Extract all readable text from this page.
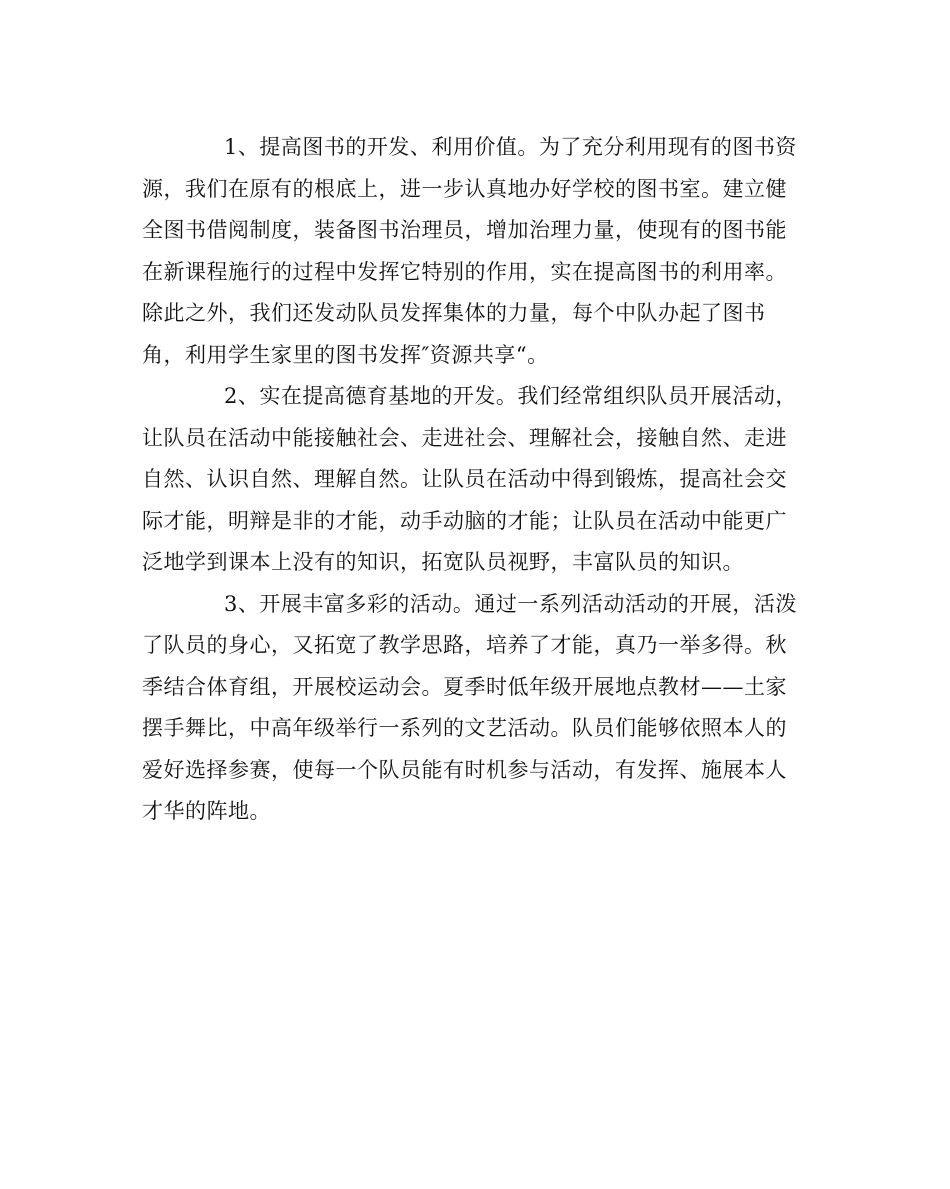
1、提高图书的开发、利用价值。为了充分利用现有的图书资
源，我们在原有的根底上，进一步认真地办好学校的图书室。建立健
全图书借阅制度，装备图书治理员，增加治理力量，使现有的图书能
在新课程施行的过程中发挥它特别的作用，实在提高图书的利用率。
除此之外，我们还发动队员发挥集体的力量，每个中队办起了图书
角，利用学生家里的图书发挥″资源共享“。
2、实在提高德育基地的开发。我们经常组织队员开展活动，
让队员在活动中能接触社会、走进社会、理解社会，接触自然、走进
自然、认识自然、理解自然。让队员在活动中得到锻炼，提高社会交
际才能，明辩是非的才能，动手动脑的才能；让队员在活动中能更广
泛地学到课本上没有的知识，拓宽队员视野，丰富队员的知识。
3、开展丰富多彩的活动。通过一系列活动活动的开展，活泼
了队员的身心，又拓宽了教学思路，培养了才能，真乃一举多得。秋
季结合体育组，开展校运动会。夏季时低年级开展地点教材——土家
摆手舞比，中高年级举行一系列的文艺活动。队员们能够依照本人的
爱好选择参赛，使每一个队员能有时机参与活动，有发挥、施展本人
才华的阵地。
